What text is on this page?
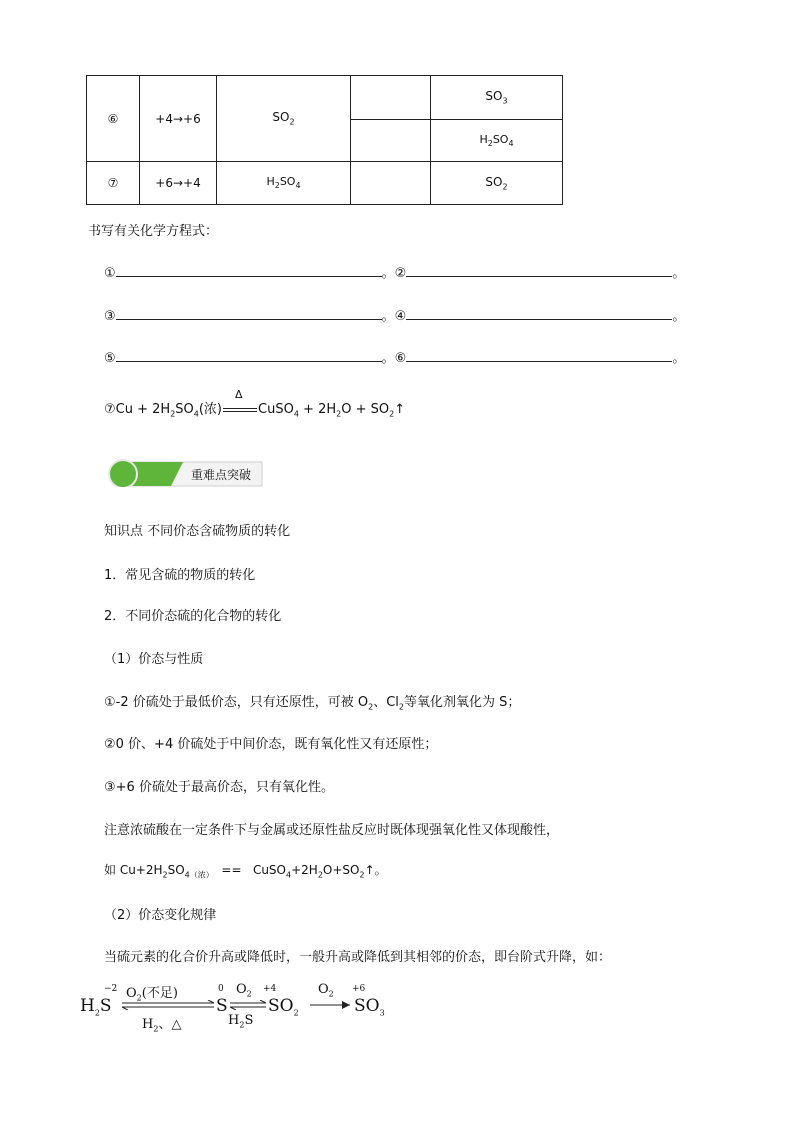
⑥	+4→+6	$SO_2$		$SO_3$
				$H_2SO_4$
⑦	+6→+4	$H_2SO_4$		$SO_2$
书写有关化学方程式：
①	。②	。
③	。④	。
⑤	。⑥	。
⑦Cu + $2H_2SO_4$(浓)
Δ
CuSO$_4$ + $2H_2O$ + $SO_2↑$
重难点突破
知识点 不同价态含硫物质的转化
1．常见含硫的物质的转化
2．不同价态硫的化合物的转化
（1）价态与性质
①-2 价硫处于最低价态，只有还原性，可被 $O_2$、$Cl_2$等氧化剂氧化为 S；
②0 价、+4 价硫处于中间价态，既有氧化性又有还原性；
③+6 价硫处于最高价态，只有氧化性。
注意浓硫酸在一定条件下与金属或还原性盐反应时既体现强氧化性又体现酸性，
如 $Cu+2H_2SO_{4(浓)}$  ==   $CuSO_4+2H_2O+SO_2↑$。
（2）价态变化规律
当硫元素的化合价升高或降低时，一般升高或降低到其相邻的价态，即台阶式升降，如：
$H_2S$
−2 $O_2$(不足)
$H_2$、△
S
0 $O_2$
$H_2S$
$SO_2$
+4	$O_2$
$SO_3$
+6
